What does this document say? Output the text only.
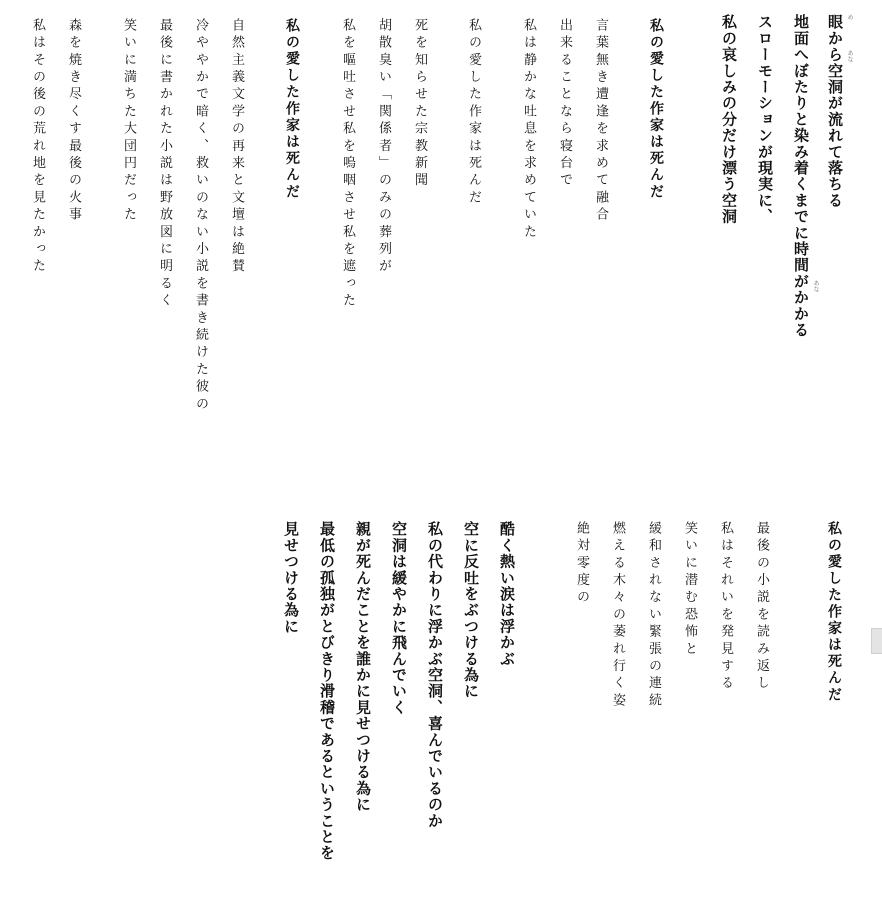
眼から空洞が流れて落ちる め
あな
地面へぼたりと染み着くまでに時間がかかる あな
スローモーションが現実に、
私の哀しみの分だけ漂う空洞
私の愛した作家は死んだ
言葉無き遭逢を求めて融合
出来ることなら寝台で
私は静かな吐息を求めていた
私の愛した作家は死んだ
死を知らせた宗教新聞
胡散臭い「関係者」のみの葬列が
私を嘔吐させ私を嗚咽させ私を遮った
私の愛した作家は死んだ
自然主義文学の再来と文壇は絶賛
冷ややかで暗く、救いのない小説を書き続けた彼の
最後に書かれた小説は野放図に明るく
笑いに満ちた大団円だった
森を焼き尽くす最後の火事
私はその後の荒れ地を見たかった
私の愛した作家は死んだ
最後の小説を読み返し
私はそれいを発見する
笑いに潜む恐怖と
緩和されない緊張の連続
燃える木々の萎れ行く姿
絶対零度の
酷く熱い涙は浮かぶ
空に反吐をぶつける為に
私の代わりに浮かぶ空洞、喜んでいるのか
空洞は緩やかに飛んでいく
親が死んだことを誰かに見せつける為に
最低の孤独がとびきり滑稽であるということを
見せつける為に
